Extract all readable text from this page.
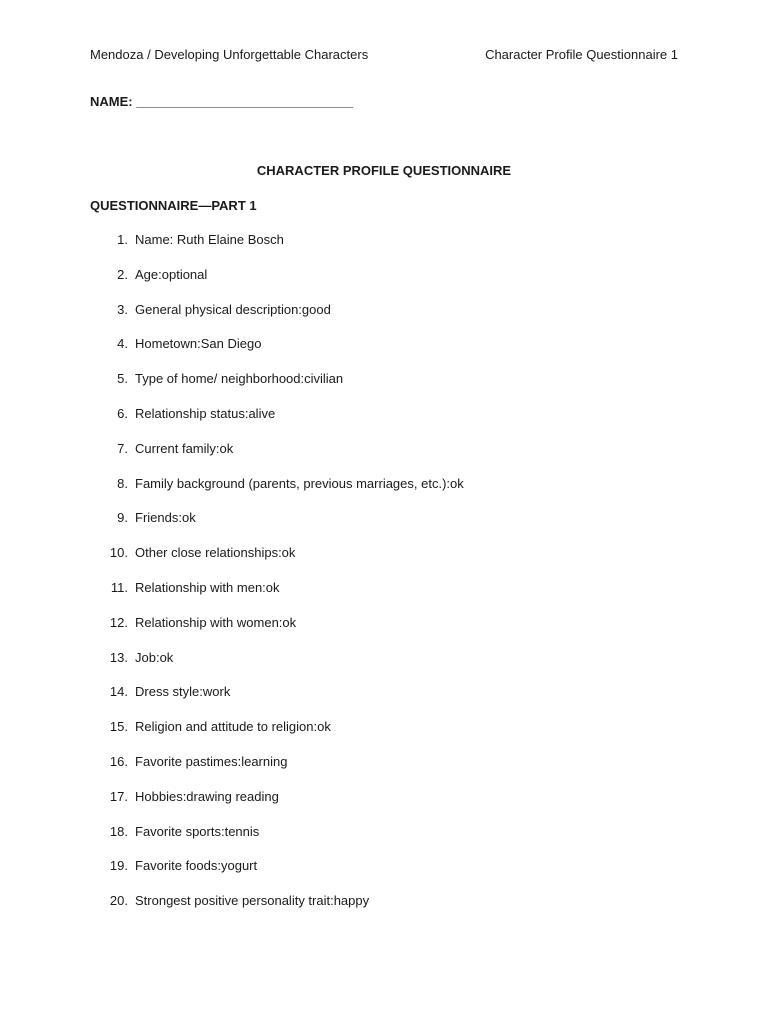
Mendoza / Developing Unforgettable Characters	Character Profile Questionnaire 1
NAME: ______________________________
CHARACTER PROFILE QUESTIONNAIRE
QUESTIONNAIRE—PART 1
1. Name: Ruth Elaine Bosch
2. Age:optional
3. General physical description:good
4. Hometown:San Diego
5. Type of home/ neighborhood:civilian
6. Relationship status:alive
7. Current family:ok
8. Family background (parents, previous marriages, etc.):ok
9. Friends:ok
10. Other close relationships:ok
11. Relationship with men:ok
12. Relationship with women:ok
13. Job:ok
14. Dress style:work
15. Religion and attitude to religion:ok
16. Favorite pastimes:learning
17. Hobbies:drawing reading
18. Favorite sports:tennis
19. Favorite foods:yogurt
20. Strongest positive personality trait:happy
